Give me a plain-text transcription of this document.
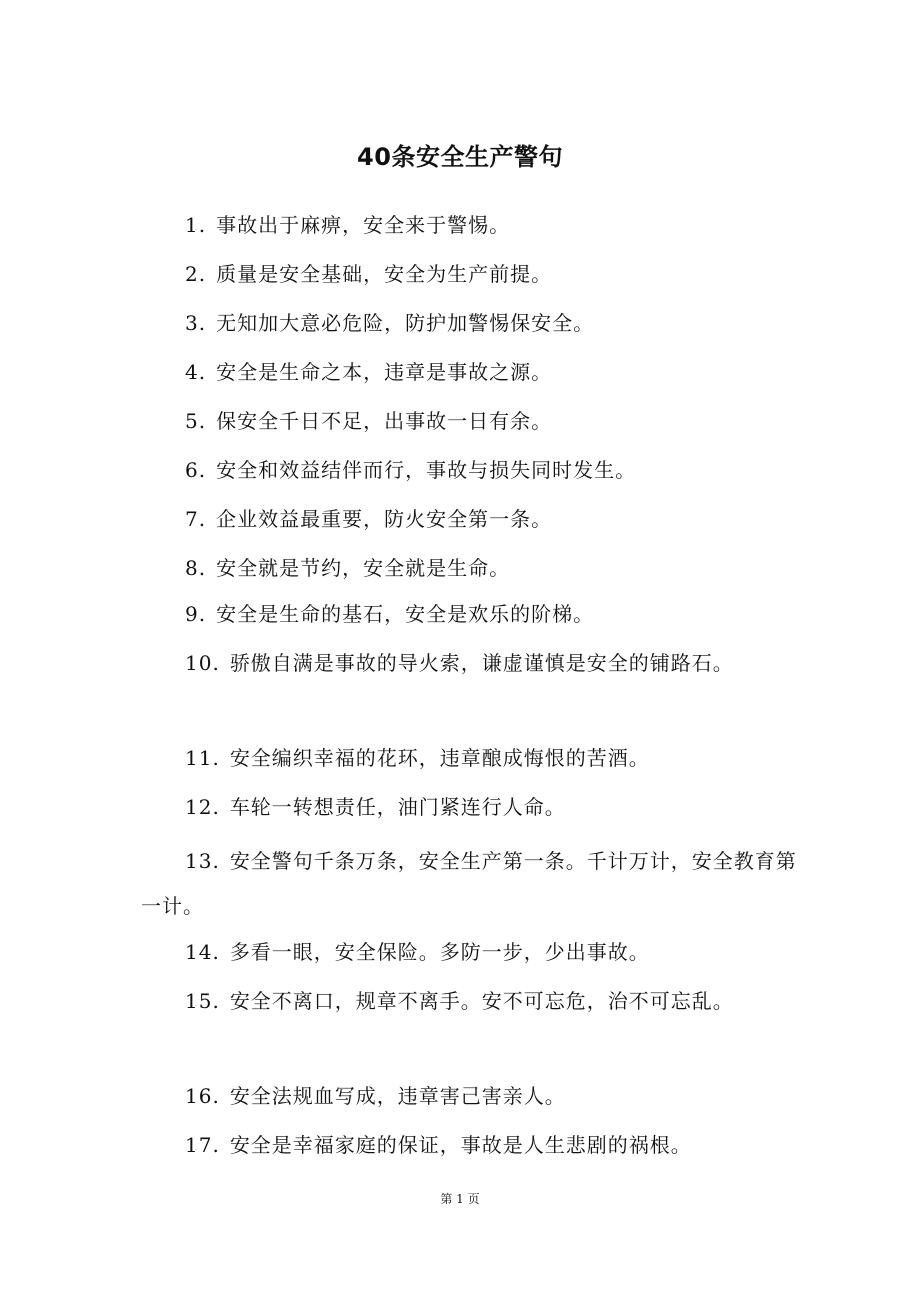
40条安全生产警句
1. 事故出于麻痹，安全来于警惕。
2. 质量是安全基础，安全为生产前提。
3. 无知加大意必危险，防护加警惕保安全。
4. 安全是生命之本，违章是事故之源。
5. 保安全千日不足，出事故一日有余。
6. 安全和效益结伴而行，事故与损失同时发生。
7. 企业效益最重要，防火安全第一条。
8. 安全就是节约，安全就是生命。
9. 安全是生命的基石，安全是欢乐的阶梯。
10. 骄傲自满是事故的导火索，谦虚谨慎是安全的铺路石。
11. 安全编织幸福的花环，违章酿成悔恨的苦酒。
12. 车轮一转想责任，油门紧连行人命。
13. 安全警句千条万条，安全生产第一条。千计万计，安全教育第一计。
14. 多看一眼，安全保险。多防一步，少出事故。
15. 安全不离口，规章不离手。安不可忘危，治不可忘乱。
16. 安全法规血写成，违章害己害亲人。
17. 安全是幸福家庭的保证，事故是人生悲剧的祸根。
第 1 页
